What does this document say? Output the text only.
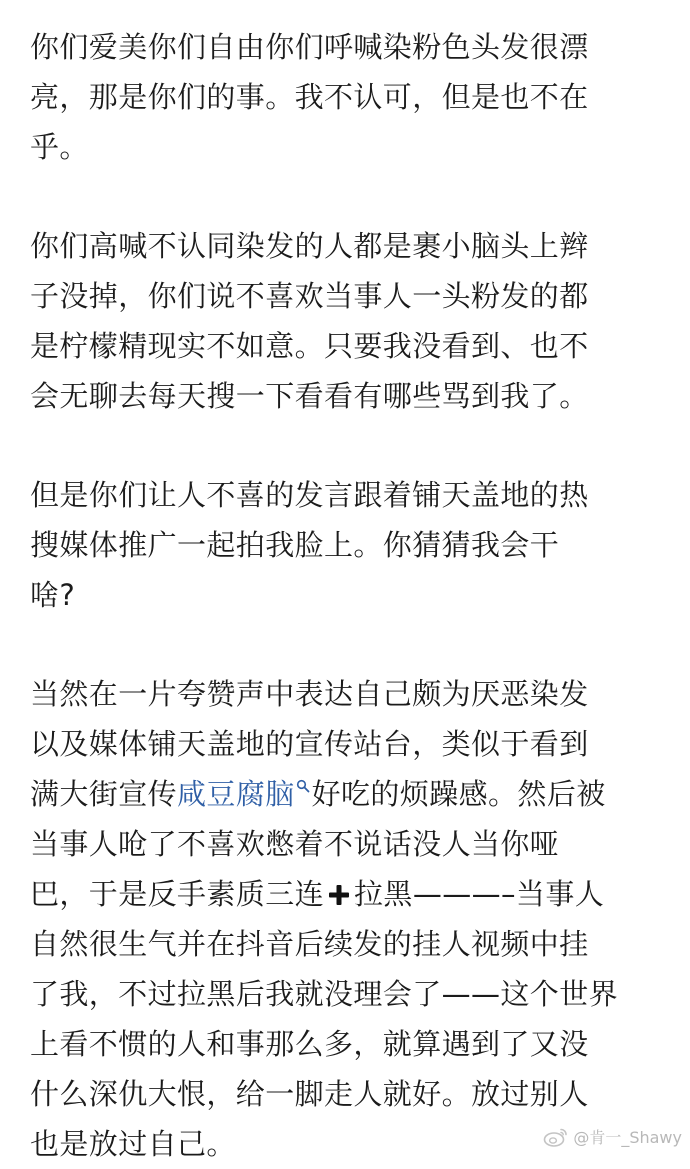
你们爱美你们自由你们呼喊染粉色头发很漂
亮，那是你们的事。我不认可，但是也不在
乎。

你们高喊不认同染发的人都是裹小脑头上辫
子没掉，你们说不喜欢当事人一头粉发的都
是柠檬精现实不如意。只要我没看到、也不
会无聊去每天搜一下看看有哪些骂到我了。

但是你们让人不喜的发言跟着铺天盖地的热
搜媒体推广一起拍我脸上。你猜猜我会干
啥?

当然在一片夸赞声中表达自己颇为厌恶染发
以及媒体铺天盖地的宣传站台，类似于看到
满大街宣传咸豆腐脑 好吃的烦躁感。然后被
当事人呛了不喜欢憋着不说话没人当你哑
巴，于是反手素质三连 拉黑———–当事人
自然很生气并在抖音后续发的挂人视频中挂
了我，不过拉黑后我就没理会了——这个世界
上看不惯的人和事那么多，就算遇到了又没
什么深仇大恨，给一脚走人就好。放过别人
也是放过自己。	@肯一_Shawy
